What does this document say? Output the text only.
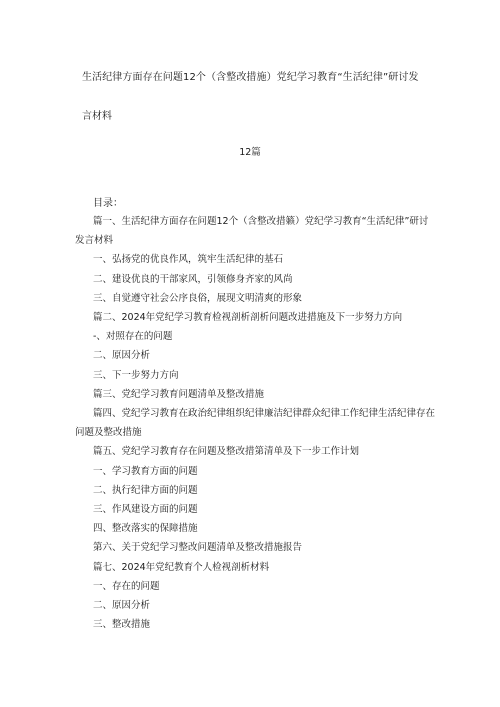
生活纪律方面存在问题12个（含整改措施）党纪学习教育“生活纪律”研讨发
言材料
12篇
目录：
篇一、生活纪律方面存在问题12个（含整改措籁）党纪学习教育“生活纪律”研讨发言材料
一、弘扬党的优良作风，筑牢生活纪律的基石
二、建设优良的干部家风，引领修身齐家的风尚
三、自觉遵守社会公序良俗，展现文明清爽的形象
篇二、2024年党纪学习教育检视剖析剖析问题改进措施及下一步努力方向
-、对照存在的问题
二、原因分析
三、下一步努力方向
篇三、党纪学习教育问题清单及整改措施
篇四、党纪学习教育在政治纪律组织纪律廉洁纪律群众纪律工作纪律生活纪律存在问题及整改措施
篇五、党纪学习教育存在问题及整改措第清单及下一步工作计划
一、学习教育方面的问题
二、执行纪律方面的问题
三、作风建设方面的问题
四、整改落实的保障措施
第六、关于党纪学习整改问题清单及整改措施报告
篇七、2024年党纪教育个人检视剖析材料
一、存在的问题
二、原因分析
三、整改措施
